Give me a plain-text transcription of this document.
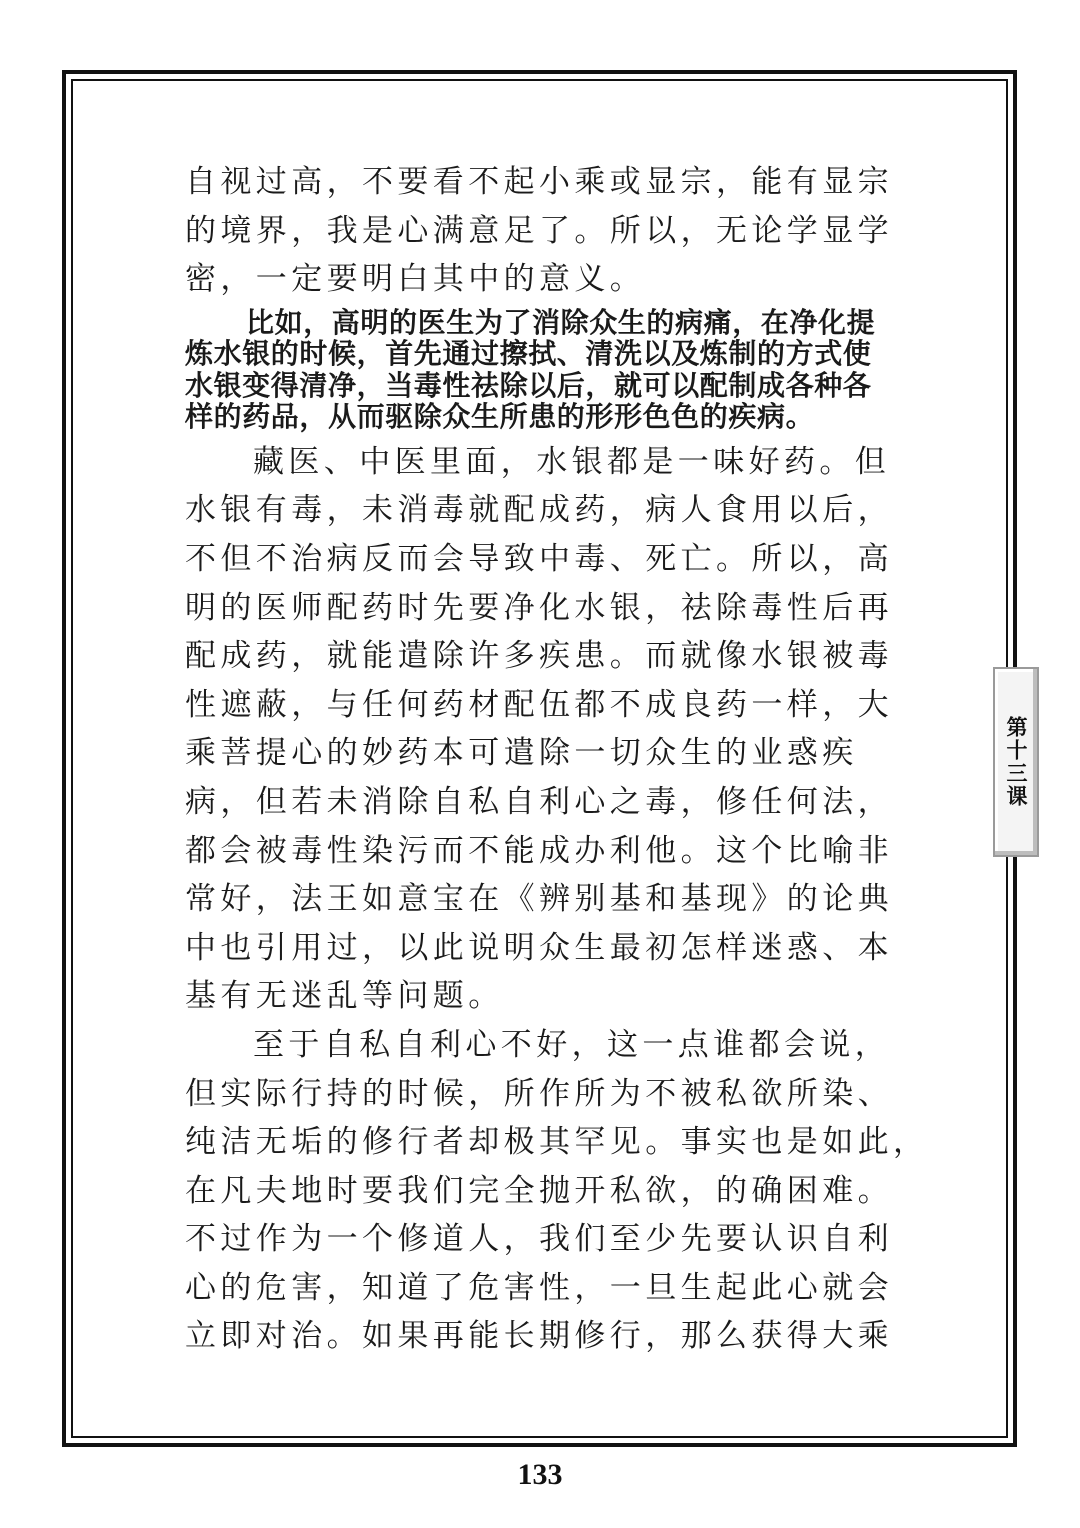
自视过高，不要看不起小乘或显宗，能有显宗
的境界，我是心满意足了。所以，无论学显学
密，一定要明白其中的意义。

比如，高明的医生为了消除众生的病痛，在净化提
炼水银的时候，首先通过擦拭、清洗以及炼制的方式使
水银变得清净，当毒性祛除以后，就可以配制成各种各
样的药品，从而驱除众生所患的形形色色的疾病。

藏医、中医里面，水银都是一味好药。但
水银有毒，未消毒就配成药，病人食用以后，
不但不治病反而会导致中毒、死亡。所以，高
明的医师配药时先要净化水银，祛除毒性后再
配成药，就能遣除许多疾患。而就像水银被毒
性遮蔽，与任何药材配伍都不成良药一样，大
乘菩提心的妙药本可遣除一切众生的业惑疾
病，但若未消除自私自利心之毒，修任何法，
都会被毒性染污而不能成办利他。这个比喻非
常好，法王如意宝在《辨别基和基现》的论典
中也引用过，以此说明众生最初怎样迷惑、本
基有无迷乱等问题。

至于自私自利心不好，这一点谁都会说，
但实际行持的时候，所作所为不被私欲所染、
纯洁无垢的修行者却极其罕见。事实也是如此，
在凡夫地时要我们完全抛开私欲，的确困难。
不过作为一个修道人，我们至少先要认识自利
心的危害，知道了危害性，一旦生起此心就会
立即对治。如果再能长期修行，那么获得大乘

第十三课
133
